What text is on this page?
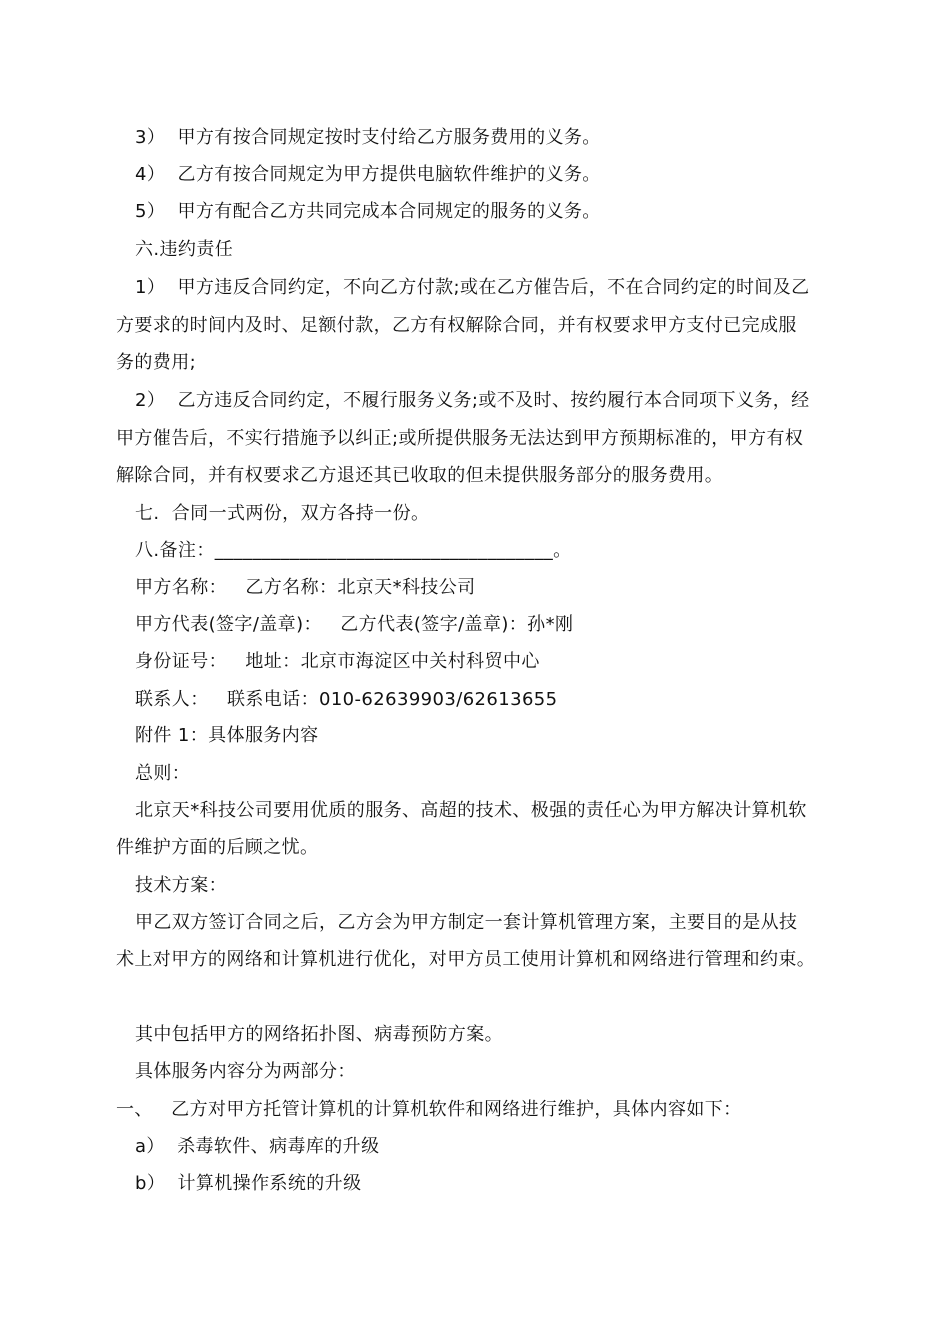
3）  甲方有按合同规定按时支付给乙方服务费用的义务。
4）  乙方有按合同规定为甲方提供电脑软件维护的义务。
5）  甲方有配合乙方共同完成本合同规定的服务的义务。
六.违约责任
1）  甲方违反合同约定，不向乙方付款;或在乙方催告后，不在合同约定的时间及乙
方要求的时间内及时、足额付款，乙方有权解除合同，并有权要求甲方支付已完成服
务的费用;
2）  乙方违反合同约定，不履行服务义务;或不及时、按约履行本合同项下义务，经
甲方催告后，不实行措施予以纠正;或所提供服务无法达到甲方预期标准的，甲方有权
解除合同，并有权要求乙方退还其已收取的但未提供服务部分的服务费用。
七.  合同一式两份，双方各持一份。
八.备注：____________________________________。
甲方名称：   乙方名称：北京天*科技公司
甲方代表(签字/盖章)：   乙方代表(签字/盖章)：孙*刚
身份证号：   地址：北京市海淀区中关村科贸中心
联系人：   联系电话：010-62639903/62613655
附件 1：具体服务内容
总则：
北京天*科技公司要用优质的服务、高超的技术、极强的责任心为甲方解决计算机软
件维护方面的后顾之忧。
技术方案：
甲乙双方签订合同之后，乙方会为甲方制定一套计算机管理方案，主要目的是从技
术上对甲方的网络和计算机进行优化，对甲方员工使用计算机和网络进行管理和约束。
其中包括甲方的网络拓扑图、病毒预防方案。
具体服务内容分为两部分：
一、   乙方对甲方托管计算机的计算机软件和网络进行维护，具体内容如下：
a）  杀毒软件、病毒库的升级
b）  计算机操作系统的升级
